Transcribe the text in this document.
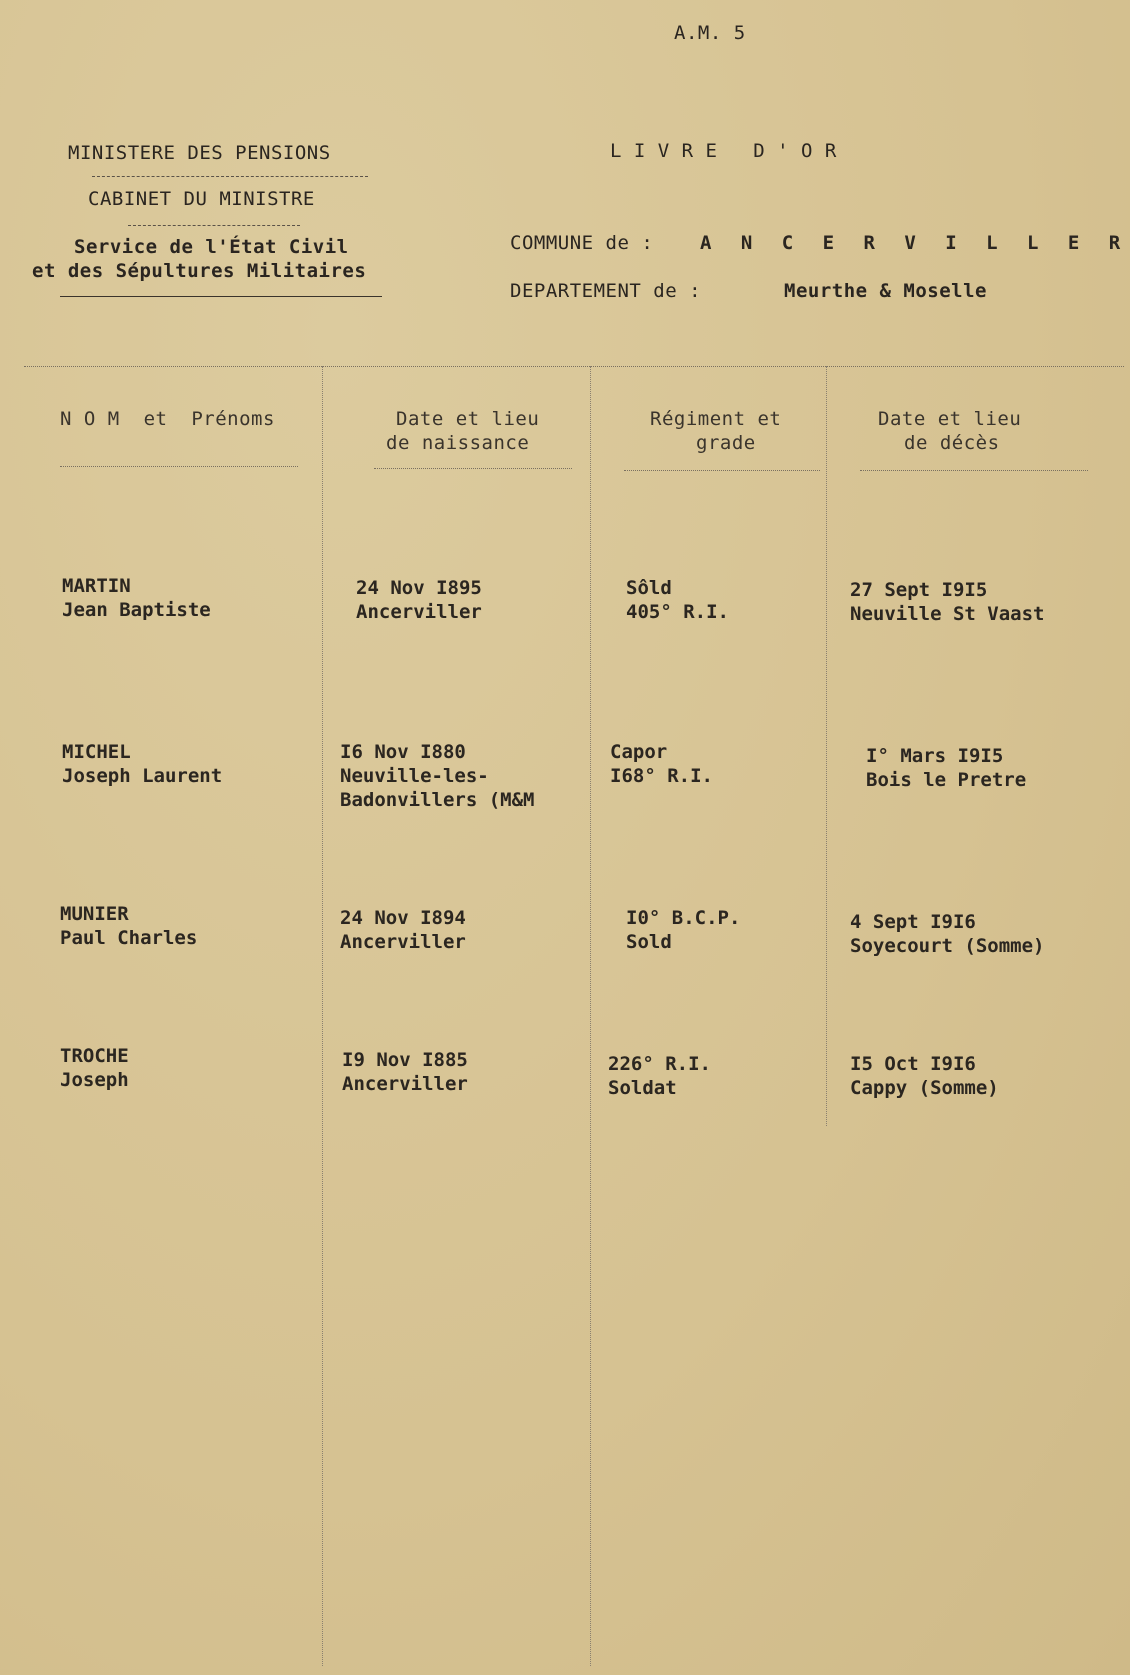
A.M. 5
MINISTERE DES PENSIONS
CABINET DU MINISTRE
Service de l'État Civil
et des Sépultures Militaires
L I V R E   D ' O R
COMMUNE de : A N C E R V I L L E R
DEPARTEMENT de :	Meurthe & Moselle
N O M  et  Prénoms	Date et lieu
de naissance
Régiment et
grade
Date et lieu
de décès
MARTIN
Jean Baptiste
24 Nov I895
Ancerviller
Sôld
405° R.I.
27 Sept I9I5
Neuville St Vaast
MICHEL
Joseph Laurent
I6 Nov I880
Neuville-les-
Badonvillers (M&M
Capor
I68° R.I.
I° Mars I9I5
Bois le Pretre
MUNIER
Paul Charles
24 Nov I894
Ancerviller
I0° B.C.P.
Sold
4 Sept I9I6
Soyecourt (Somme)
TROCHE
Joseph
I9 Nov I885
Ancerviller
226° R.I.
Soldat
I5 Oct I9I6
Cappy (Somme)
